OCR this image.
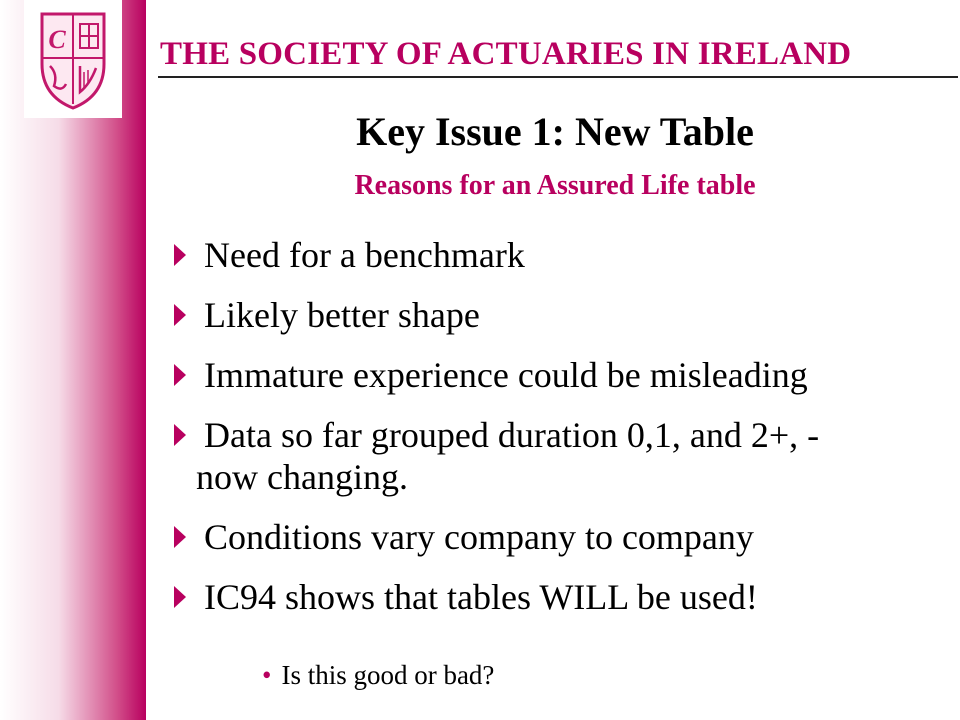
C	THE SOCIETY OF ACTUARIES IN IRELAND
Key Issue 1: New Table
Reasons for an Assured Life table
Need for a benchmark
Likely better shape
Immature experience could be misleading
Data so far grouped duration 0,1, and 2+, -
now changing.
Conditions vary company to company
IC94 shows that tables WILL be used!
• Is this good or bad?
